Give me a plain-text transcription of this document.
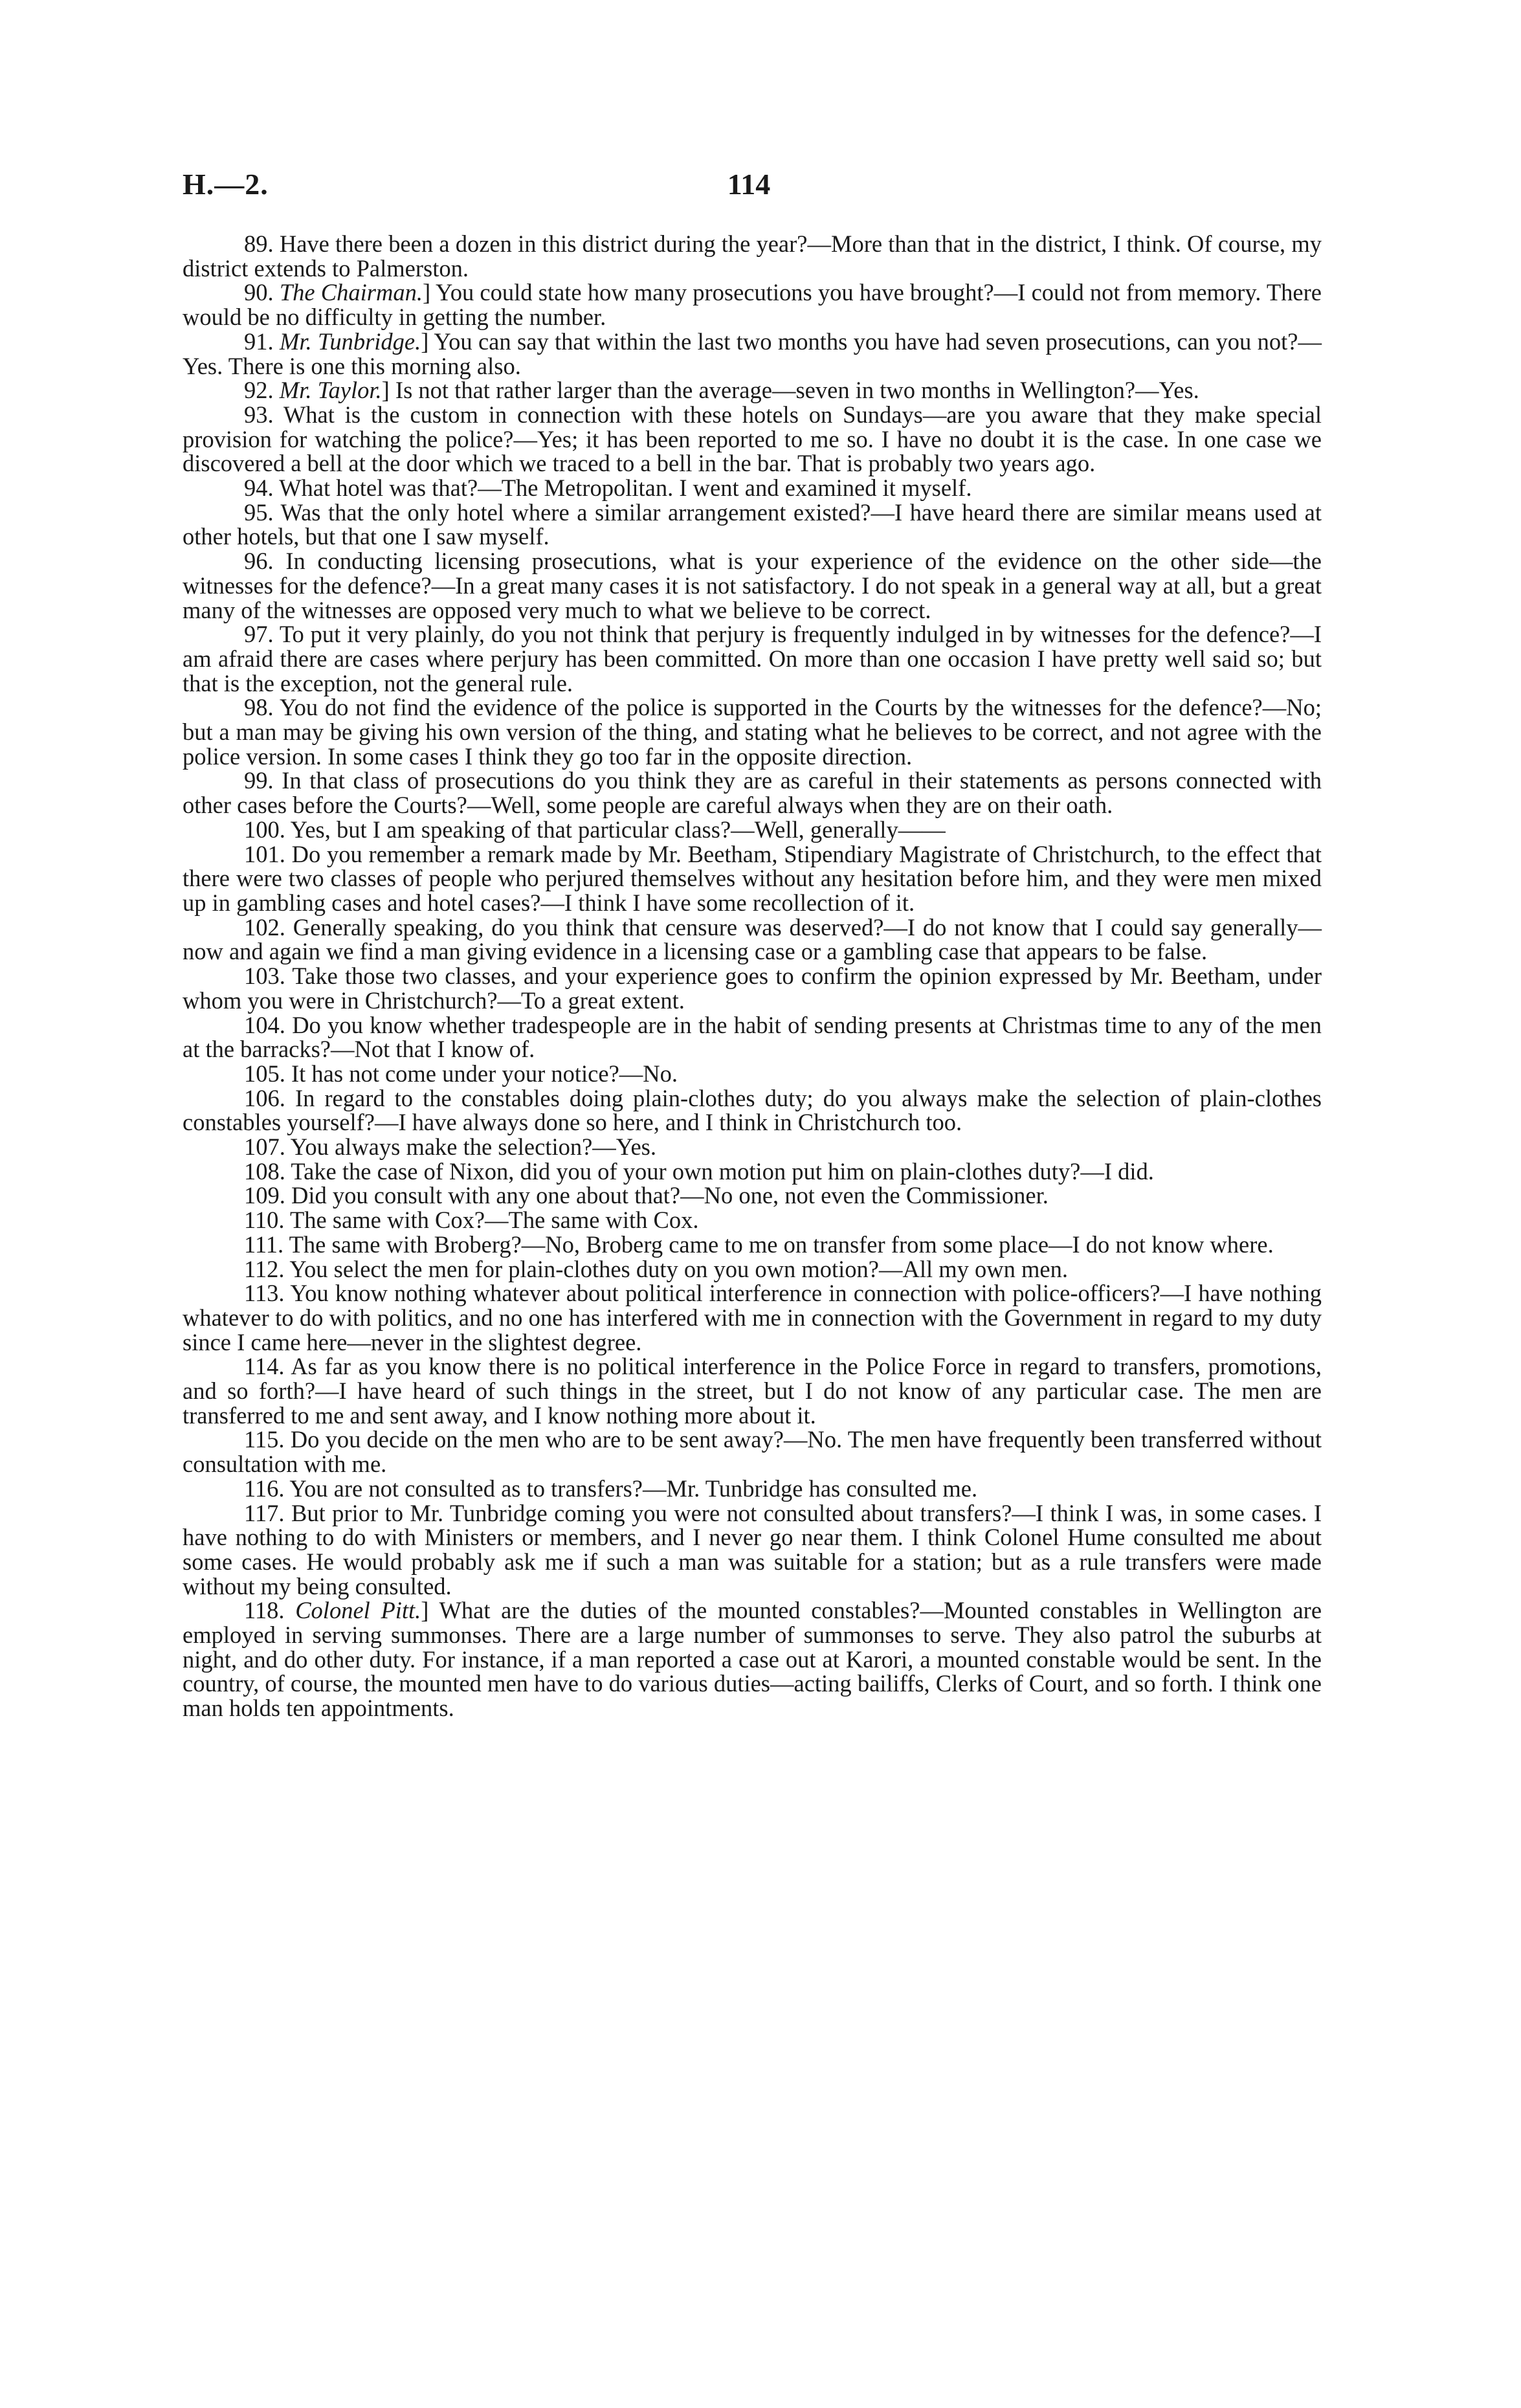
H.—2.	114

89. Have there been a dozen in this district during the year?—More than that in the district, I think. Of course, my district extends to Palmerston.

90. The Chairman.] You could state how many prosecutions you have brought?—I could not from memory. There would be no difficulty in getting the number.

91. Mr. Tunbridge.] You can say that within the last two months you have had seven prosecutions, can you not?—Yes. There is one this morning also.

92. Mr. Taylor.] Is not that rather larger than the average—seven in two months in Wellington?—Yes.

93. What is the custom in connection with these hotels on Sundays—are you aware that they make special provision for watching the police?—Yes; it has been reported to me so. I have no doubt it is the case. In one case we discovered a bell at the door which we traced to a bell in the bar. That is probably two years ago.

94. What hotel was that?—The Metropolitan. I went and examined it myself.

95. Was that the only hotel where a similar arrangement existed?—I have heard there are similar means used at other hotels, but that one I saw myself.

96. In conducting licensing prosecutions, what is your experience of the evidence on the other side—the witnesses for the defence?—In a great many cases it is not satisfactory. I do not speak in a general way at all, but a great many of the witnesses are opposed very much to what we believe to be correct.

97. To put it very plainly, do you not think that perjury is frequently indulged in by witnesses for the defence?—I am afraid there are cases where perjury has been committed. On more than one occasion I have pretty well said so; but that is the exception, not the general rule.

98. You do not find the evidence of the police is supported in the Courts by the witnesses for the defence?—No; but a man may be giving his own version of the thing, and stating what he believes to be correct, and not agree with the police version. In some cases I think they go too far in the opposite direction.

99. In that class of prosecutions do you think they are as careful in their statements as persons connected with other cases before the Courts?—Well, some people are careful always when they are on their oath.

100. Yes, but I am speaking of that particular class?—Well, generally——

101. Do you remember a remark made by Mr. Beetham, Stipendiary Magistrate of Christchurch, to the effect that there were two classes of people who perjured themselves without any hesitation before him, and they were men mixed up in gambling cases and hotel cases?—I think I have some recollection of it.

102. Generally speaking, do you think that censure was deserved?—I do not know that I could say generally—now and again we find a man giving evidence in a licensing case or a gambling case that appears to be false.

103. Take those two classes, and your experience goes to confirm the opinion expressed by Mr. Beetham, under whom you were in Christchurch?—To a great extent.

104. Do you know whether tradespeople are in the habit of sending presents at Christmas time to any of the men at the barracks?—Not that I know of.

105. It has not come under your notice?—No.

106. In regard to the constables doing plain-clothes duty; do you always make the selection of plain-clothes constables yourself?—I have always done so here, and I think in Christchurch too.

107. You always make the selection?—Yes.

108. Take the case of Nixon, did you of your own motion put him on plain-clothes duty?—I did.

109. Did you consult with any one about that?—No one, not even the Commissioner.

110. The same with Cox?—The same with Cox.

111. The same with Broberg?—No, Broberg came to me on transfer from some place—I do not know where.

112. You select the men for plain-clothes duty on you own motion?—All my own men.

113. You know nothing whatever about political interference in connection with police-officers?—I have nothing whatever to do with politics, and no one has interfered with me in connection with the Government in regard to my duty since I came here—never in the slightest degree.

114. As far as you know there is no political interference in the Police Force in regard to transfers, promotions, and so forth?—I have heard of such things in the street, but I do not know of any particular case. The men are transferred to me and sent away, and I know nothing more about it.

115. Do you decide on the men who are to be sent away?—No. The men have frequently been transferred without consultation with me.

116. You are not consulted as to transfers?—Mr. Tunbridge has consulted me.

117. But prior to Mr. Tunbridge coming you were not consulted about transfers?—I think I was, in some cases. I have nothing to do with Ministers or members, and I never go near them. I think Colonel Hume consulted me about some cases. He would probably ask me if such a man was suitable for a station; but as a rule transfers were made without my being consulted.

118. Colonel Pitt.] What are the duties of the mounted constables?—Mounted constables in Wellington are employed in serving summonses. There are a large number of summonses to serve. They also patrol the suburbs at night, and do other duty. For instance, if a man reported a case out at Karori, a mounted constable would be sent. In the country, of course, the mounted men have to do various duties—acting bailiffs, Clerks of Court, and so forth. I think one man holds ten appointments.
